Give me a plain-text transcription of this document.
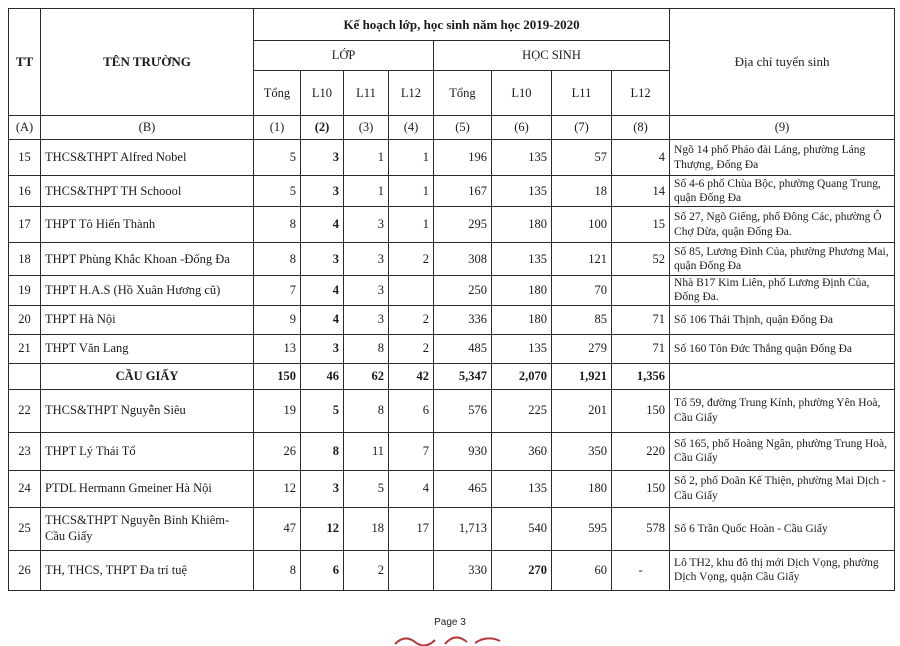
TT	TÊN TRƯỜNG	Kế hoạch lớp, học sinh năm học 2019-2020								Địa chỉ tuyển sinh
		LỚP				HỌC SINH				
		Tổng	L10	L11	L12	Tổng	L10	L11	L12	
(A)	(B)	(1)	(2)	(3)	(4)	(5)	(6)	(7)	(8)	(9)
15	THCS&THPT Alfred Nobel	5	3	1	1	196	135	57	4	Ngõ 14 phố Pháo đài Láng, phường Láng Thượng, Đống Đa
16	THCS&THPT TH Schoool	5	3	1	1	167	135	18	14	Số 4-6 phố Chùa Bộc, phường Quang Trung, quận Đống Đa
17	THPT Tô Hiến Thành	8	4	3	1	295	180	100	15	Số 27, Ngõ Giếng, phố Đông Các, phường Ô Chợ Dừa, quận Đống Đa.
18	THPT Phùng Khắc Khoan -Đống Đa	8	3	3	2	308	135	121	52	Số 85, Lương Đình Của, phường Phương Mai, quận Đống Đa
19	THPT H.A.S (Hồ Xuân Hương cũ)	7	4	3		250	180	70		Nhà B17 Kim Liên, phố Lương Định Của, Đống Đa.
20	THPT Hà Nội	9	4	3	2	336	180	85	71	Số 106 Thái Thịnh, quận Đống Đa
21	THPT Văn Lang	13	3	8	2	485	135	279	71	Số 160 Tôn Đức Thắng quận Đống Đa
	CẦU GIẤY	150	46	62	42	5,347	2,070	1,921	1,356	
22	THCS&THPT Nguyễn Siêu	19	5	8	6	576	225	201	150	Tổ 59, đường Trung Kính, phường Yên Hoà, Cầu Giấy
23	THPT Lý Thái Tổ	26	8	11	7	930	360	350	220	Số 165, phố Hoàng Ngân, phường Trung Hoà, Cầu Giấy
24	PTDL Hermann Gmeiner Hà Nội	12	3	5	4	465	135	180	150	Số 2, phố Doãn Kế Thiện, phường Mai Dịch - Cầu Giấy
25	THCS&THPT Nguyễn Bỉnh Khiêm-Cầu Giấy	47	12	18	17	1,713	540	595	578	Số 6 Trần Quốc Hoàn - Cầu Giấy
26	TH, THCS, THPT Đa trí tuệ	8	6	2		330	270	60	-	Lô TH2, khu đô thị mới Dịch Vọng, phường Dịch Vọng, quận Cầu Giấy
Page 3
